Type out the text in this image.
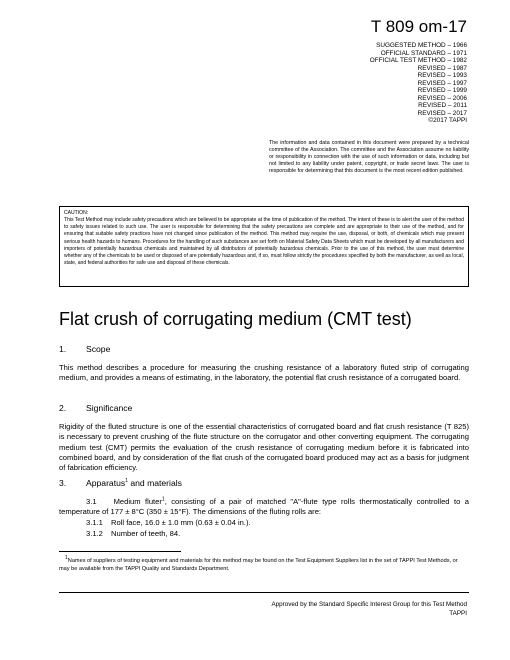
T 809 om-17
SUGGESTED METHOD – 1966
OFFICIAL STANDARD – 1971
OFFICIAL TEST METHOD – 1982
REVISED – 1987
REVISED – 1993
REVISED – 1997
REVISED – 1999
REVISED – 2006
REVISED – 2011
REVISED – 2017
©2017 TAPPI
The information and data contained in this document were prepared by a technical committee of the Association. The committee and the Association assume no liability or responsibility in connection with the use of such information or data, including but not limited to any liability under patent, copyright, or trade secret laws. The user is responsible for determining that this document is the most recent edition published.
CAUTION:
This Test Method may include safety precautions which are believed to be appropriate at the time of publication of the method. The intent of these is to alert the user of the method to safety issues related to such use. The user is responsible for determining that the safety precautions are complete and are appropriate to their use of the method, and for ensuring that suitable safety practices have not changed since publication of the method. This method may require the use, disposal, or both, of chemicals which may present serious health hazards to humans. Procedures for the handling of such substances are set forth on Material Safety Data Sheets which must be developed by all manufacturers and importers of potentially hazardous chemicals and maintained by all distributors of potentially hazardous chemicals. Prior to the use of this method, the user must determine whether any of the chemicals to be used or disposed of are potentially hazardous and, if so, must follow strictly the procedures specified by both the manufacturer, as well as local, state, and federal authorities for safe use and disposal of these chemicals.
Flat crush of corrugating medium (CMT test)
1. Scope
This method describes a procedure for measuring the crushing resistance of a laboratory fluted strip of corrugating medium, and provides a means of estimating, in the laboratory, the potential flat crush resistance of a corrugated board.
2. Significance
Rigidity of the fluted structure is one of the essential characteristics of corrugated board and flat crush resistance (T 825) is necessary to prevent crushing of the flute structure on the corrugator and other converting equipment. The corrugating medium test (CMT) permits the evaluation of the crush resistance of corrugating medium before it is fabricated into combined board, and by consideration of the flat crush of the corrugated board produced may act as a basis for judgment of fabrication efficiency.
3. Apparatus$^1$ and materials
3.1 Medium fluter$^1$, consisting of a pair of matched "A"-flute type rolls thermostatically controlled to a temperature of 177 ± 8°C (350 ± 15°F). The dimensions of the fluting rolls are:
3.1.1 Roll face, 16.0 ± 1.0 mm (0.63 ± 0.04 in.).
3.1.2 Number of teeth, 84.
1Names of suppliers of testing equipment and materials for this method may be found on the Test Equipment Suppliers list in the set of TAPPI Test Methods, or may be available from the TAPPI Quality and Standards Department.
Approved by the Standard Specific Interest Group for this Test Method
TAPPI
